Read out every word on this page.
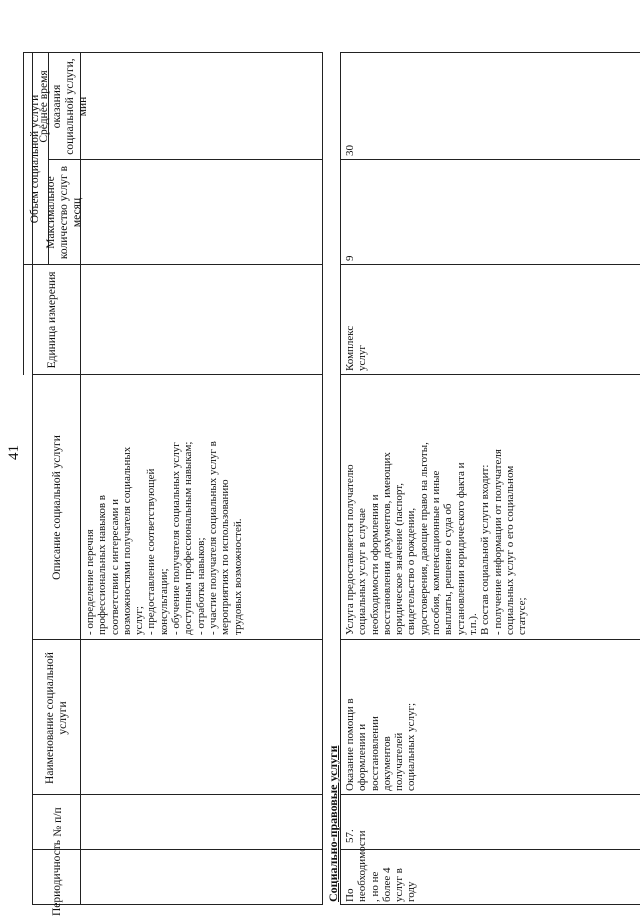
41
№ п/п
Наименование социальной услуги
Описание социальной услуги
Периодичность
- определение перечня профессиональных навыков в соответствии с интересами и возможностями получателя социальных услуг; - предоставление соответствующей консультации; - обучение получателя социальных услуг доступным профессиональным навыкам; - отработка навыков; - участие получателя социальных услуг в мероприятиях по использованию трудовых возможностей.
Объем социальной услуги
Единица измерения
Максимальное количество услуг в месяц
Среднее время оказания социальной услуги, мин
Социально-правовые услуги 57.
Оказание помощи в оформлении и восстановлении документов получателей социальных услуг;
Услуга предоставляется получателю социальных услуг в случае необходимости оформления и восстановления документов, имеющих юридическое значение (паспорт, свидетельство о рождении, удостоверения, дающие право на льготы, пособия, компенсационные и иные выплаты, решение о суда об установлении юридического факта и т.п.). В состав социальной услуги входит: - получение информации от получателя социальных услуг о его социальном статусе;
Комплекс услуг
9
30
По необходимости , но не более 4 услуг в году
